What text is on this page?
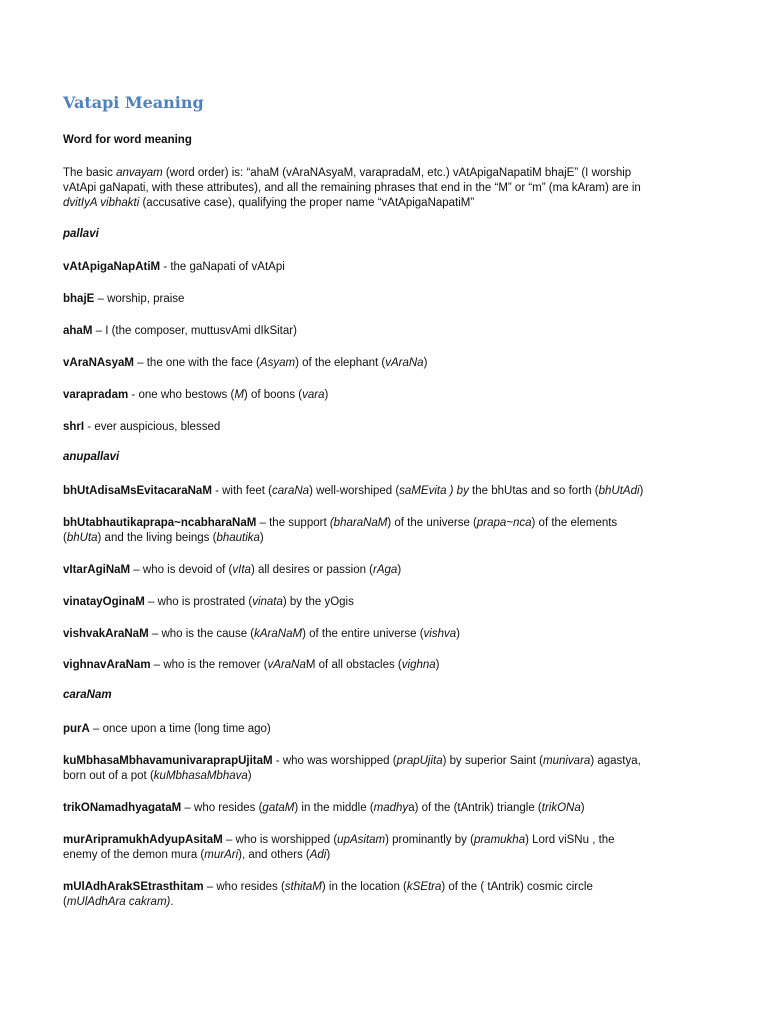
Vatapi Meaning
Word for word meaning
The basic anvayam (word order) is: “ahaM (vAraNAsyaM, varapradaM, etc.) vAtApigaNapatiM bhajE” (I worship
vAtApi gaNapati, with these attributes), and all the remaining phrases that end in the “M” or “m” (ma kAram) are in
dvitIyA vibhakti (accusative case), qualifying the proper name “vAtApigaNapatiM”
pallavi
vAtApigaNapAtiM - the gaNapati of vAtApi
bhajE – worship, praise
ahaM – I (the composer, muttusvAmi dIkSitar)
vAraNAsyaM – the one with the face (Asyam) of the elephant (vAraNa)
varapradam - one who bestows (M) of boons (vara)
shrI - ever auspicious, blessed
anupallavi
bhUtAdisaMsEvitacaraNaM - with feet (caraNa) well-worshiped (saMEvita ) by the bhUtas and so forth (bhUtAdi)
bhUtabhautikaprapa~ncabharaNaM – the support (bharaNaM) of the universe (prapa~nca) of the elements
(bhUta) and the living beings (bhautika)
vItarAgiNaM – who is devoid of (vIta) all desires or passion (rAga)
vinatayOginaM – who is prostrated (vinata) by the yOgis
vishvakAraNaM – who is the cause (kAraNaM) of the entire universe (vishva)
vighnavAraNam – who is the remover (vAraNaM of all obstacles (vighna)
caraNam
purA – once upon a time (long time ago)
kuMbhasaMbhavamunivaraprapUjitaM - who was worshipped (prapUjita) by superior Saint (munivara) agastya,
born out of a pot (kuMbhasaMbhava)
trikONamadhyagataM – who resides (gataM) in the middle (madhya) of the (tAntrik) triangle (trikONa)
murAripramukhAdyupAsitaM – who is worshipped (upAsitam) prominantly by (pramukha) Lord viSNu , the
enemy of the demon mura (murAri), and others (Adi)
mUlAdhArakSEtrasthitam – who resides (sthitaM) in the location (kSEtra) of the ( tAntrik) cosmic circle
(mUlAdhAra cakram).
